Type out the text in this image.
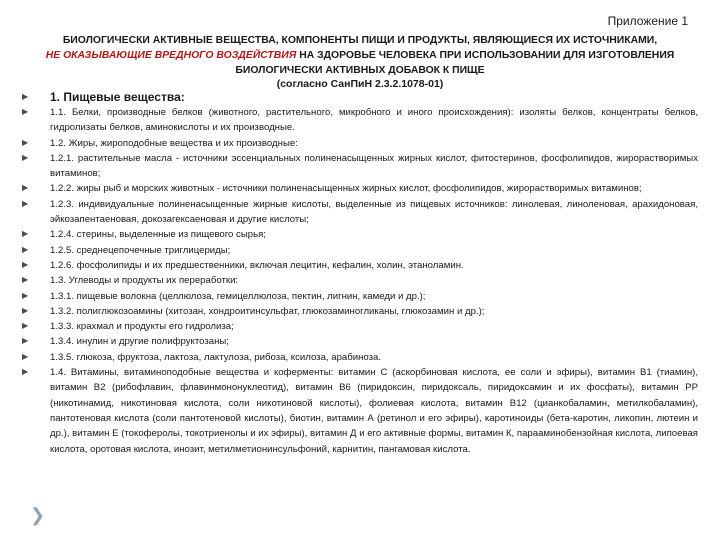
Приложение 1
БИОЛОГИЧЕСКИ АКТИВНЫЕ ВЕЩЕСТВА, КОМПОНЕНТЫ ПИЩИ И ПРОДУКТЫ, ЯВЛЯЮЩИЕСЯ ИХ ИСТОЧНИКАМИ,
НЕ ОКАЗЫВАЮЩИЕ ВРЕДНОГО ВОЗДЕЙСТВИЯ НА ЗДОРОВЬЕ ЧЕЛОВЕКА ПРИ ИСПОЛЬЗОВАНИИ ДЛЯ ИЗГОТОВЛЕНИЯ БИОЛОГИЧЕСКИ АКТИВНЫХ ДОБАВОК К ПИЩЕ
(согласно СанПиН 2.3.2.1078-01)
▶	1. Пищевые вещества:
▶	1.1. Белки, производные белков (животного, растительного, микробного и иного происхождения): изоляты белков, концентраты белков, гидролизаты белков, аминокислоты и их производные.
▶	1.2. Жиры, жироподобные вещества и их производные:
▶	1.2.1. растительные масла - источники эссенциальных полиненасыщенных жирных кислот, фитостеринов, фосфолипидов, жирорастворимых витаминов;
▶	1.2.2. жиры рыб и морских животных - источники полиненасыщенных жирных кислот, фосфолипидов, жирорастворимых витаминов;
▶	1.2.3. индивидуальные полиненасыщенные жирные кислоты, выделенные из пищевых источников: линолевая, линоленовая, арахидоновая, эйкозапентаеновая, докозагексаеновая и другие кислоты;
▶	1.2.4. стерины, выделенные из пищевого сырья;
▶	1.2.5. среднецепочечные триглицериды;
▶	1.2.6. фосфолипиды и их предшественники, включая лецитин, кефалин, холин, этаноламин.
▶	1.3. Углеводы и продукты их переработки:
▶	1.3.1. пищевые волокна (целлюлоза, гемицеллюлоза, пектин, лигнин, камеди и др.);
▶	1.3.2. полиглюкозоамины (хитозан, хондроитинсульфат, глюкозаминогликаны, глюкозамин и др.);
▶	1.3.3. крахмал и продукты его гидролиза;
▶	1.3.4. инулин и другие полифруктозаны;
▶	1.3.5. глюкоза, фруктоза, лактоза, лактулоза, рибоза, ксилоза, арабиноза.
▶	1.4. Витамины, витаминоподобные вещества и коферменты: витамин С (аскорбиновая кислота, ее соли и эфиры), витамин В1 (тиамин), витамин В2 (рибофлавин, флавинмононуклеотид), витамин В6 (пиридоксин, пиридоксаль, пиридоксамин и их фосфаты), витамин РР (никотинамид, никотиновая кислота, соли никотиновой кислоты), фолиевая кислота, витамин В12 (цианкобаламин, метилкобаламин), пантотеновая кислота (соли пантотеновой кислоты), биотин, витамин А (ретинол и его эфиры), каротиноиды (бета-каротин, ликопин, лютеин и др.), витамин Е (токоферолы, токотриенолы и их эфиры), витамин Д и его активные формы, витамин К, парааминобензойная кислота, липоевая кислота, оротовая кислота, инозит, метилметионинсульфоний, карнитин, пангамовая кислота.
❯
